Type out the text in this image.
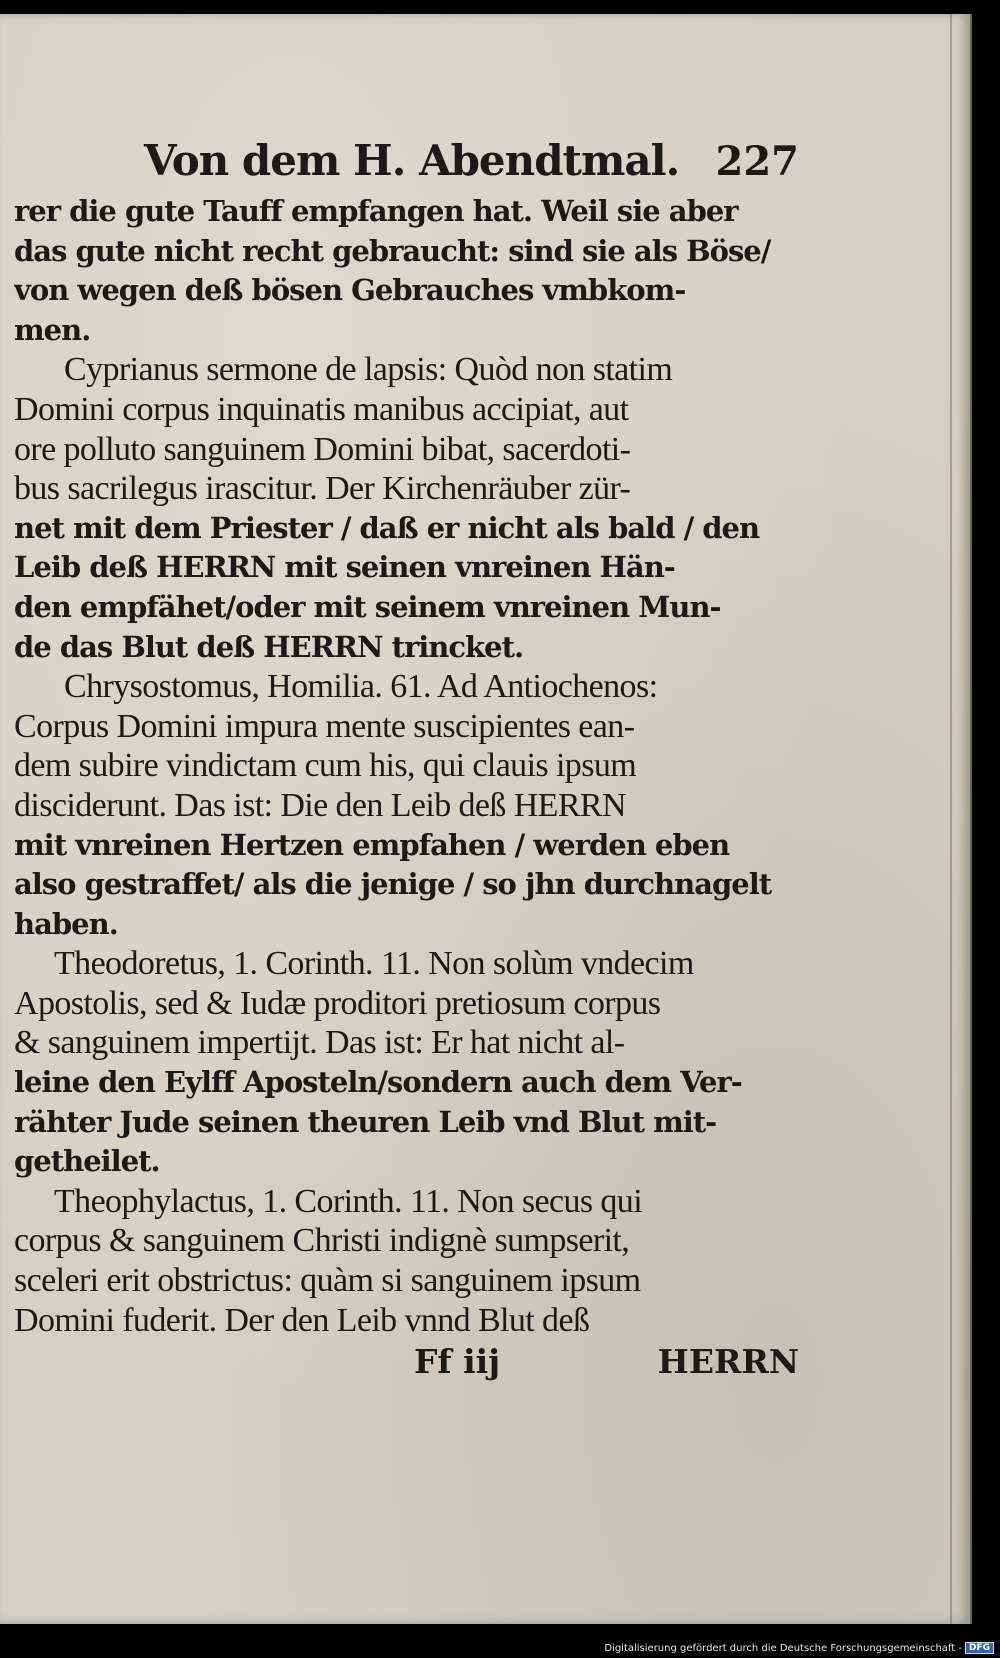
Von dem H. Abendtmal. 227
rer die gute Tauff empfangen hat. Weil sie aber
das gute nicht recht gebraucht: sind sie als Böse/
von wegen deß bösen Gebrauches vmbkom-
men.
Cyprianus sermone de lapsis: Quòd non statim
Domini corpus inquinatis manibus accipiat, aut
ore polluto sanguinem Domini bibat, sacerdoti-
bus sacrilegus irascitur. Der Kirchenräuber zür-
net mit dem Priester / daß er nicht als bald / den
Leib deß HERRN mit seinen vnreinen Hän-
den empfähet/oder mit seinem vnreinen Mun-
de das Blut deß HERRN trincket.
Chrysostomus, Homilia. 61. Ad Antiochenos:
Corpus Domini impura mente suscipientes ean-
dem subire vindictam cum his, qui clauis ipsum
disciderunt. Das ist: Die den Leib deß HERRN
mit vnreinen Hertzen empfahen / werden eben
also gestraffet/ als die jenige / so jhn durchnagelt
haben.
Theodoretus, 1. Corinth. 11. Non solùm vndecim
Apostolis, sed & Iudæ proditori pretiosum corpus
& sanguinem impertijt. Das ist: Er hat nicht al-
leine den Eylff Aposteln/sondern auch dem Ver-
rähter Jude seinen theuren Leib vnd Blut mit-
getheilet.
Theophylactus, 1. Corinth. 11. Non secus qui
corpus & sanguinem Christi indignè sumpserit,
sceleri erit obstrictus: quàm si sanguinem ipsum
Domini fuderit. Der den Leib vnnd Blut deß
Ff iij	HERRN
Digitalisierung gefördert durch die Deutsche Forschungsgemeinschaft - DFG
